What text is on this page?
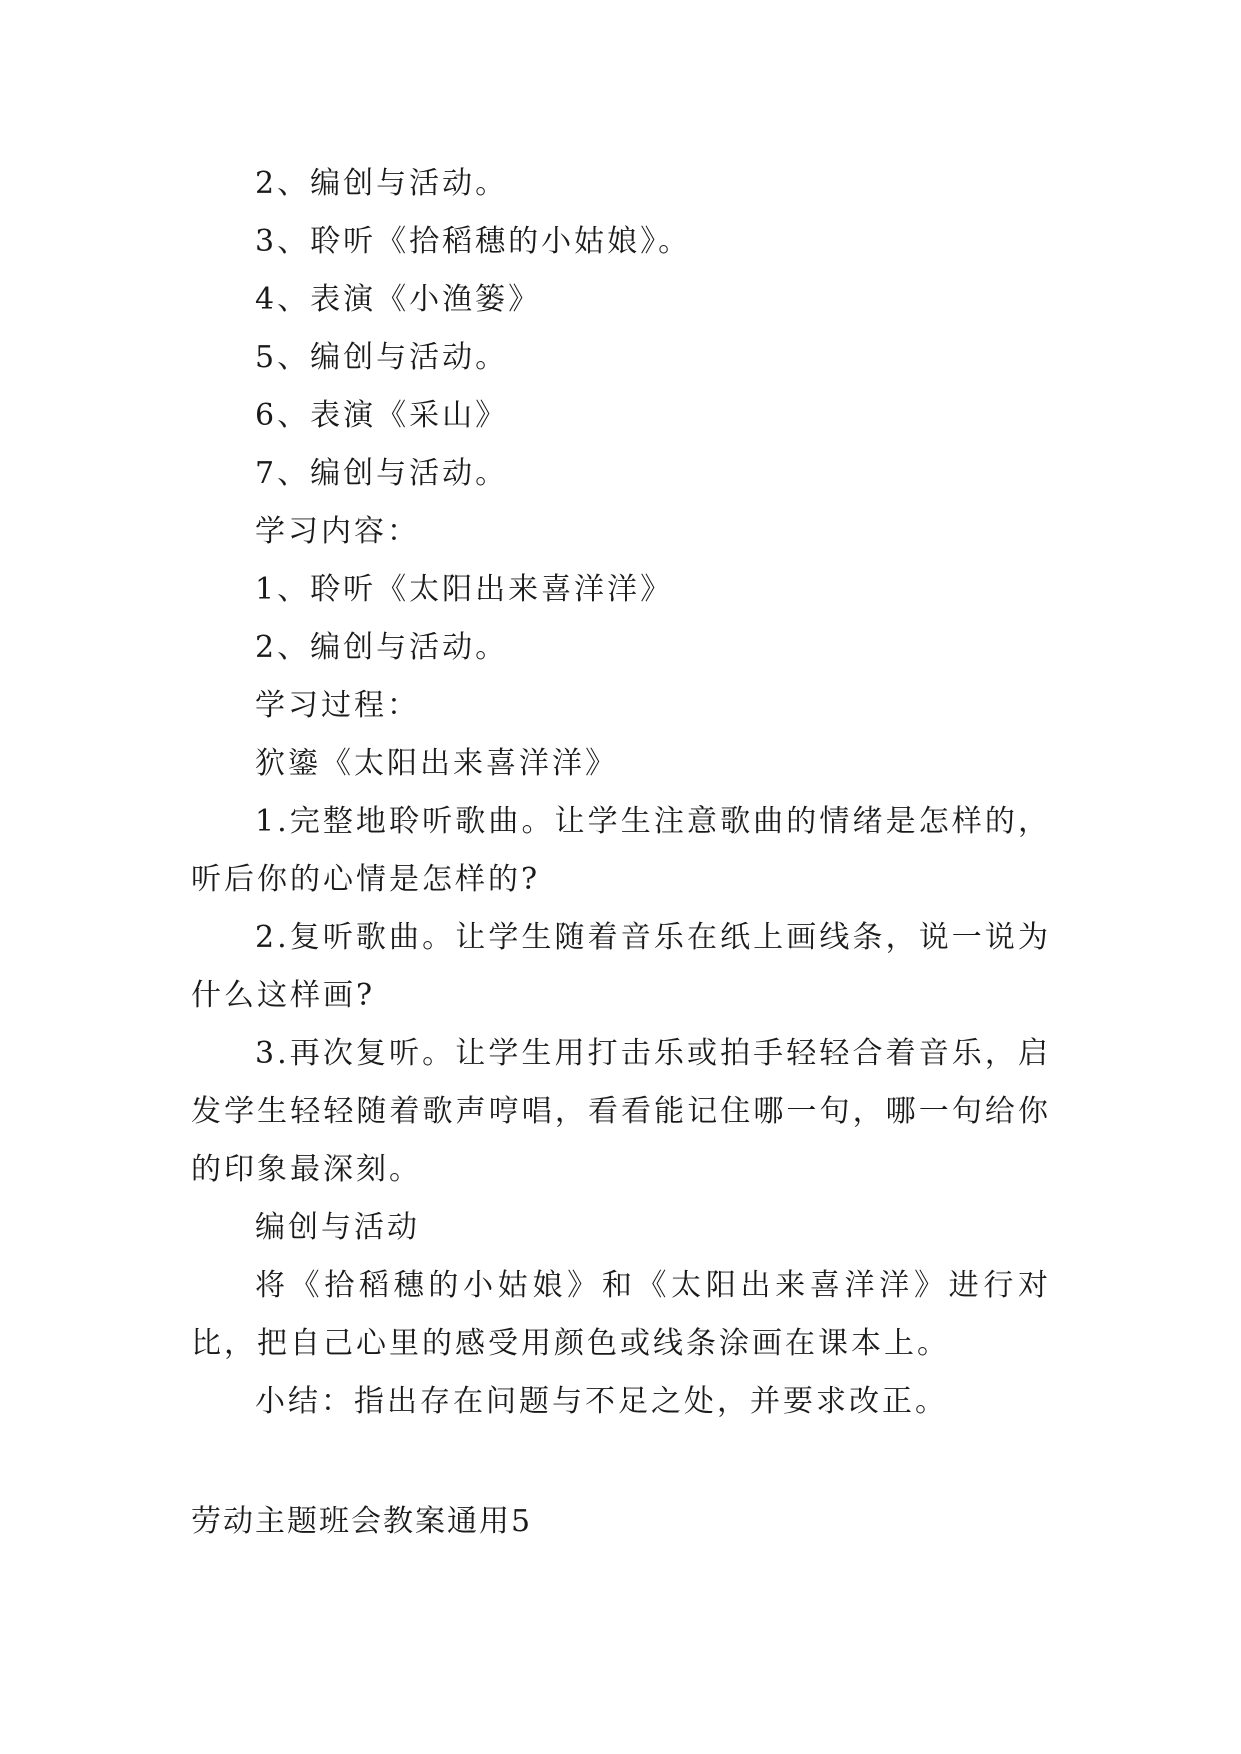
2、编创与活动。

3、聆听《拾稻穗的小姑娘》。

4、表演《小渔篓》

5、编创与活动。

6、表演《采山》

7、编创与活动。

学习内容：

1、聆听《太阳出来喜洋洋》

2、编创与活动。

学习过程：

狖鎏《太阳出来喜洋洋》

1.完整地聆听歌曲。让学生注意歌曲的情绪是怎样的，听后你的心情是怎样的?

2.复听歌曲。让学生随着音乐在纸上画线条，说一说为什么这样画?

3.再次复听。让学生用打击乐或拍手轻轻合着音乐，启发学生轻轻随着歌声哼唱，看看能记住哪一句，哪一句给你的印象最深刻。

编创与活动

将《拾稻穗的小姑娘》和《太阳出来喜洋洋》进行对比，把自己心里的感受用颜色或线条涂画在课本上。

小结：指出存在问题与不足之处，并要求改正。

劳动主题班会教案通用5
